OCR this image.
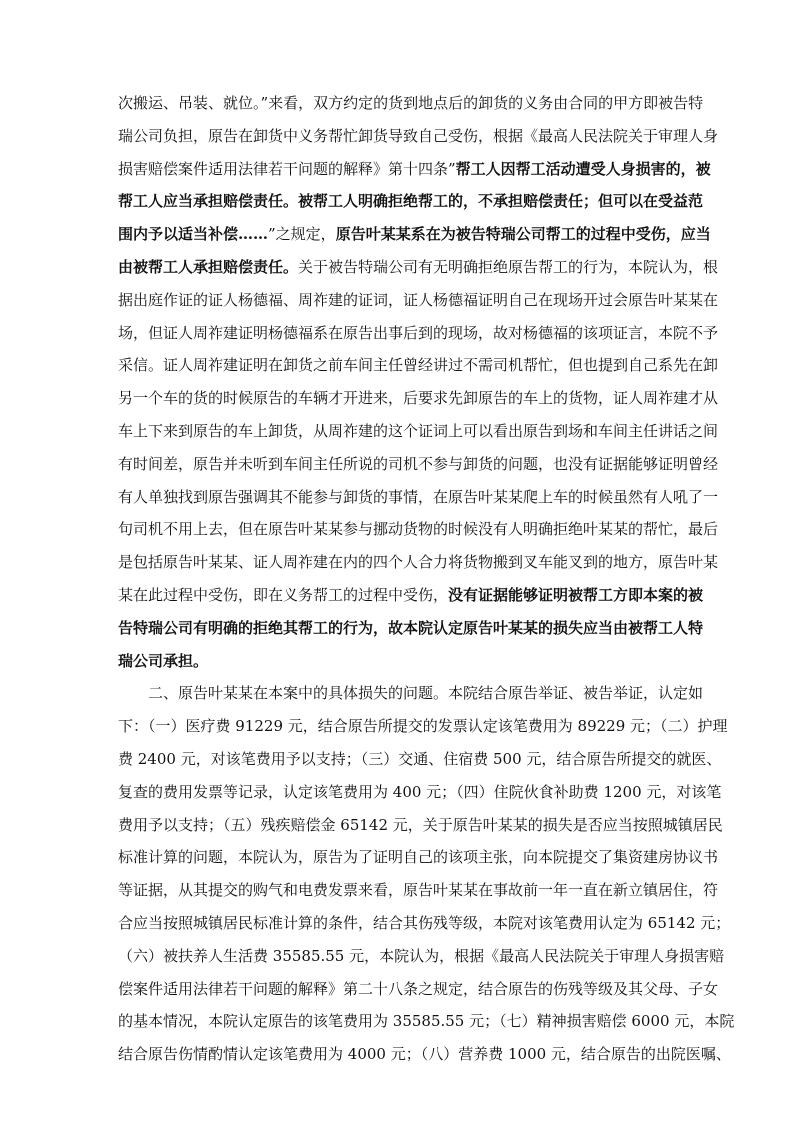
次搬运、吊装、就位。”来看，双方约定的货到地点后的卸货的义务由合同的甲方即被告特
瑞公司负担，原告在卸货中义务帮忙卸货导致自己受伤，根据《最高人民法院关于审理人身
损害赔偿案件适用法律若干问题的解释》第十四条”帮工人因帮工活动遭受人身损害的，被
帮工人应当承担赔偿责任。被帮工人明确拒绝帮工的，不承担赔偿责任；但可以在受益范
围内予以适当补偿……”之规定，原告叶某某系在为被告特瑞公司帮工的过程中受伤，应当
由被帮工人承担赔偿责任。关于被告特瑞公司有无明确拒绝原告帮工的行为，本院认为，根
据出庭作证的证人杨德福、周祚建的证词，证人杨德福证明自己在现场开过会原告叶某某在
场，但证人周祚建证明杨德福系在原告出事后到的现场，故对杨德福的该项证言，本院不予
采信。证人周祚建证明在卸货之前车间主任曾经讲过不需司机帮忙，但也提到自己系先在卸
另一个车的货的时候原告的车辆才开进来，后要求先卸原告的车上的货物，证人周祚建才从
车上下来到原告的车上卸货，从周祚建的这个证词上可以看出原告到场和车间主任讲话之间
有时间差，原告并未听到车间主任所说的司机不参与卸货的问题，也没有证据能够证明曾经
有人单独找到原告强调其不能参与卸货的事情，在原告叶某某爬上车的时候虽然有人吼了一
句司机不用上去，但在原告叶某某参与挪动货物的时候没有人明确拒绝叶某某的帮忙，最后
是包括原告叶某某、证人周祚建在内的四个人合力将货物搬到叉车能叉到的地方，原告叶某
某在此过程中受伤，即在义务帮工的过程中受伤，没有证据能够证明被帮工方即本案的被
告特瑞公司有明确的拒绝其帮工的行为，故本院认定原告叶某某的损失应当由被帮工人特
瑞公司承担。
二、原告叶某某在本案中的具体损失的问题。本院结合原告举证、被告举证，认定如
下：（一）医疗费 91229 元，结合原告所提交的发票认定该笔费用为 89229 元；（二）护理
费 2400 元，对该笔费用予以支持；（三）交通、住宿费 500 元，结合原告所提交的就医、
复查的费用发票等记录，认定该笔费用为 400 元；（四）住院伙食补助费 1200 元，对该笔
费用予以支持；（五）残疾赔偿金 65142 元，关于原告叶某某的损失是否应当按照城镇居民
标准计算的问题，本院认为，原告为了证明自己的该项主张，向本院提交了集资建房协议书
等证据，从其提交的购气和电费发票来看，原告叶某某在事故前一年一直在新立镇居住，符
合应当按照城镇居民标准计算的条件，结合其伤残等级，本院对该笔费用认定为 65142 元；
（六）被扶养人生活费 35585.55 元，本院认为，根据《最高人民法院关于审理人身损害赔
偿案件适用法律若干问题的解释》第二十八条之规定，结合原告的伤残等级及其父母、子女
的基本情况，本院认定原告的该笔费用为 35585.55 元；（七）精神损害赔偿 6000 元，本院
结合原告伤情酌情认定该笔费用为 4000 元；（八）营养费 1000 元，结合原告的出院医嘱、
